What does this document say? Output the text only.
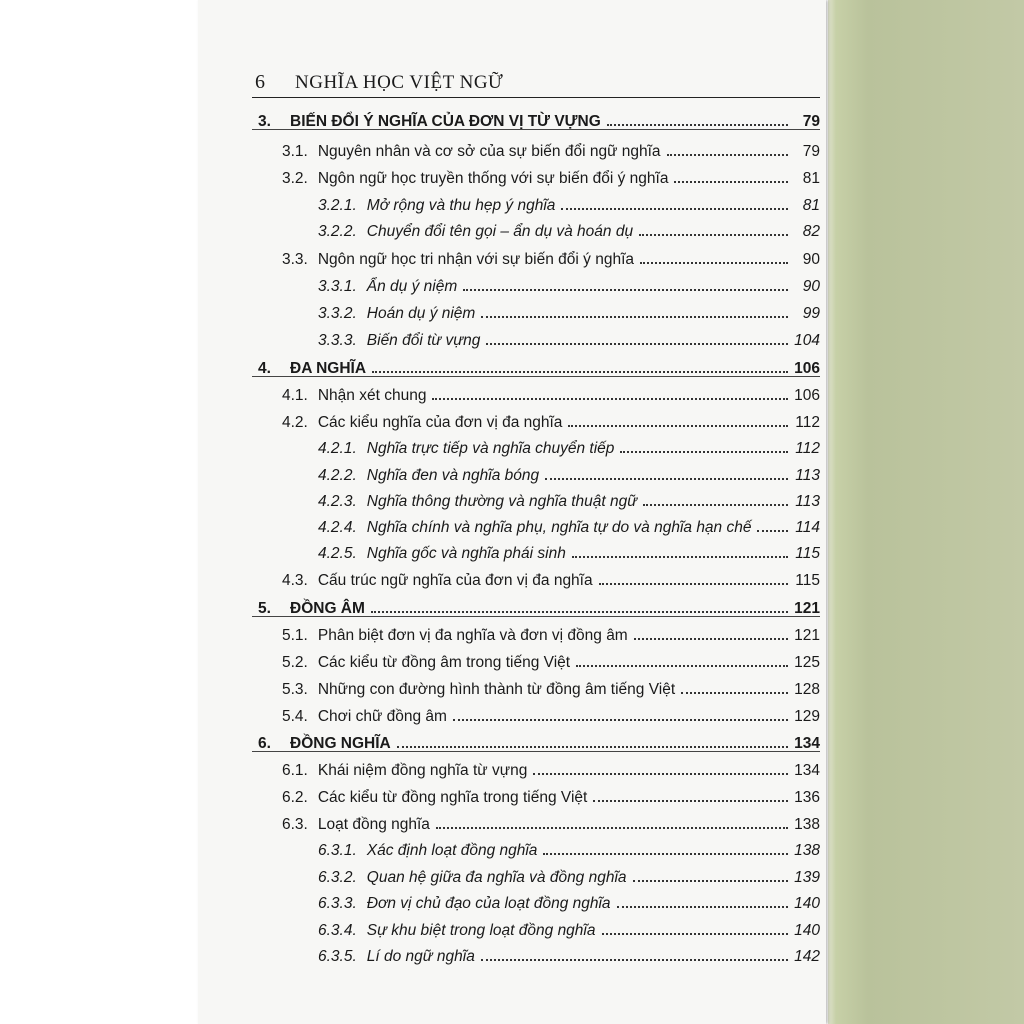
6 NGHĨA HỌC VIỆT NGỮ
3.	BIẾN ĐỔI Ý NGHĨA CỦA ĐƠN VỊ TỪ VỰNG	79
3.1. Nguyên nhân và cơ sở của sự biến đổi ngữ nghĩa	79
3.2. Ngôn ngữ học truyền thống với sự biến đổi ý nghĩa	81
3.2.1. Mở rộng và thu hẹp ý nghĩa	81
3.2.2. Chuyển đổi tên gọi – ẩn dụ và hoán dụ	82
3.3. Ngôn ngữ học tri nhận với sự biến đổi ý nghĩa	90
3.3.1. Ẩn dụ ý niệm	90
3.3.2. Hoán dụ ý niệm	99
3.3.3. Biến đổi từ vựng	104
4.	ĐA NGHĨA	106
4.1. Nhận xét chung	106
4.2. Các kiểu nghĩa của đơn vị đa nghĩa	112
4.2.1. Nghĩa trực tiếp và nghĩa chuyển tiếp	112
4.2.2. Nghĩa đen và nghĩa bóng	113
4.2.3. Nghĩa thông thường và nghĩa thuật ngữ	113
4.2.4. Nghĩa chính và nghĩa phụ, nghĩa tự do và nghĩa hạn chế	114
4.2.5. Nghĩa gốc và nghĩa phái sinh	115
4.3. Cấu trúc ngữ nghĩa của đơn vị đa nghĩa	115
5.	ĐỒNG ÂM	121
5.1. Phân biệt đơn vị đa nghĩa và đơn vị đồng âm	121
5.2. Các kiểu từ đồng âm trong tiếng Việt	125
5.3. Những con đường hình thành từ đồng âm tiếng Việt	128
5.4. Chơi chữ đồng âm	129
6.	ĐỒNG NGHĨA	134
6.1. Khái niệm đồng nghĩa từ vựng	134
6.2. Các kiểu từ đồng nghĩa trong tiếng Việt	136
6.3. Loạt đồng nghĩa	138
6.3.1. Xác định loạt đồng nghĩa	138
6.3.2. Quan hệ giữa đa nghĩa và đồng nghĩa	139
6.3.3. Đơn vị chủ đạo của loạt đồng nghĩa	140
6.3.4. Sự khu biệt trong loạt đồng nghĩa	140
6.3.5. Lí do ngữ nghĩa	142
